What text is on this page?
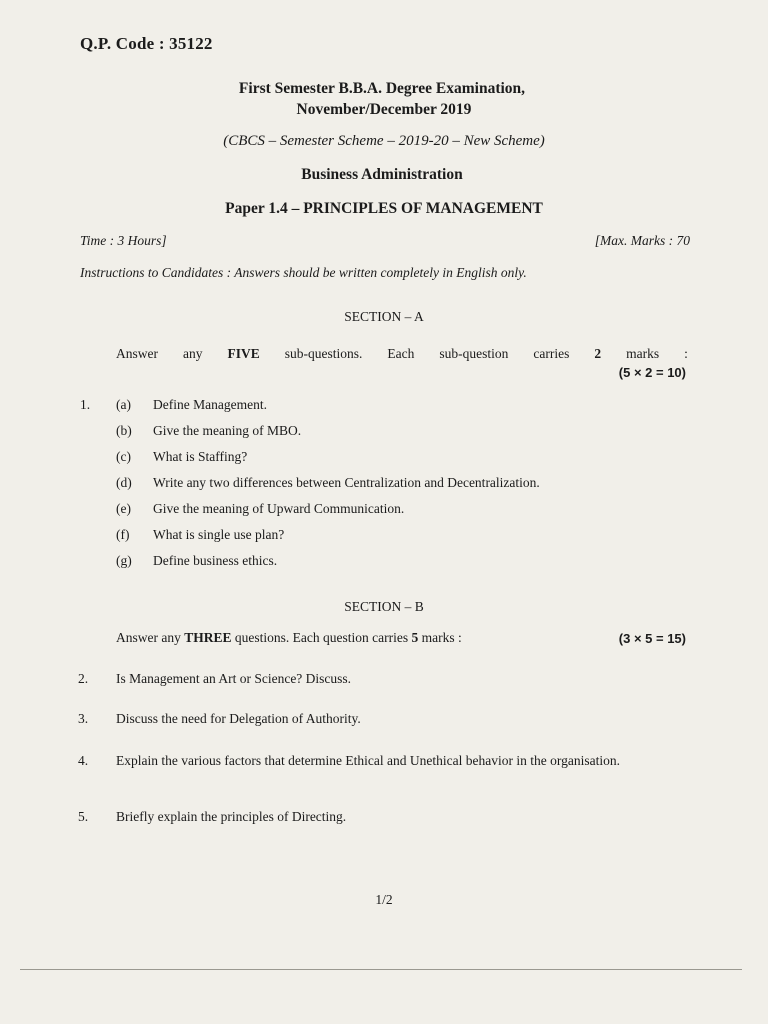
Q.P. Code : 35122
First Semester B.B.A. Degree Examination,
November/December 2019
(CBCS – Semester Scheme – 2019-20 – New Scheme)
Business Administration
Paper 1.4 – PRINCIPLES OF MANAGEMENT
Time : 3 Hours]	[Max. Marks : 70
Instructions to Candidates : Answers should be written completely in English only.
SECTION – A
Answer any FIVE sub-questions. Each sub-question carries 2 marks :
(5 × 2 = 10)
1. (a) Define Management.
(b) Give the meaning of MBO.
(c) What is Staffing?
(d) Write any two differences between Centralization and Decentralization.
(e) Give the meaning of Upward Communication.
(f) What is single use plan?
(g) Define business ethics.
SECTION – B
Answer any THREE questions. Each question carries 5 marks :	(3 × 5 = 15)
2. Is Management an Art or Science? Discuss.
3. Discuss the need for Delegation of Authority.
4. Explain the various factors that determine Ethical and Unethical behavior in the organisation.
5. Briefly explain the principles of Directing.
1/2
